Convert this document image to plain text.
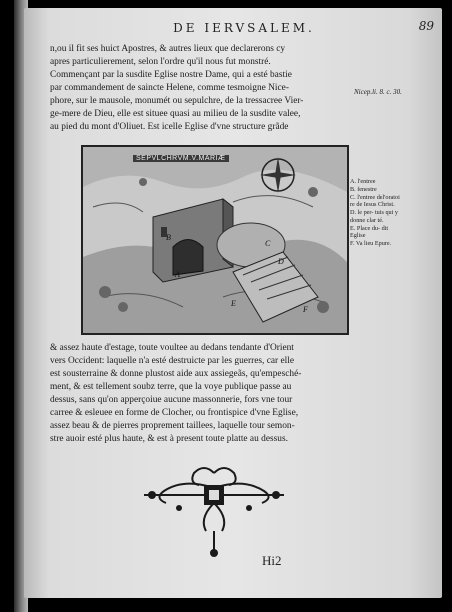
DE IERVSALEM.	89
n,ou il fit ses huict Apostres, & autres lieux que declarerons cy
apres particulierement, selon l'ordre qu'il nous fut monstré.
Commençant par la susdite Eglise nostre Dame, qui a esté bastie
par commandement de saincte Helene, comme tesmoigne Nice-
phore, sur le mausole, monumét ou sepulchre, de la tressacree Vier-
ge-mere de Dieu, elle est situee quasi au milieu de la susdite valee,
au pied du mont d'Oliuet. Est icelle Eglise d'vne structure grãde
Nicep.li. 8. c. 30.
SEPVLCHRVM.V.MARIÆ
A
B
C
D
E
F
A. l'entree
B. fenestre
C. l'entree del'oratoi re de Iesus Christ.
D. le per- tuis qui y donne clar té.
E. Place du- dit Eglise
F. Va lieu Epure.
& assez haute d'estage, toute voultee au dedans tendante d'Orient
vers Occident: laquelle n'a esté destruicte par les guerres, car elle
est sousterraine & donne plustost aide aux assiegeãs, qu'empesché-
ment, & est tellement soubz terre, que la voye publique passe au
dessus, sans qu'on apperçoiue aucune massonnerie, fors vne tour
carree & esleuee en forme de Clocher, ou frontispice d'vne Eglise,
assez beau & de pierres proprement taillees, laquelle tour semon-
stre auoir esté plus haute, & est à present toute platte au dessus.
Hi2
